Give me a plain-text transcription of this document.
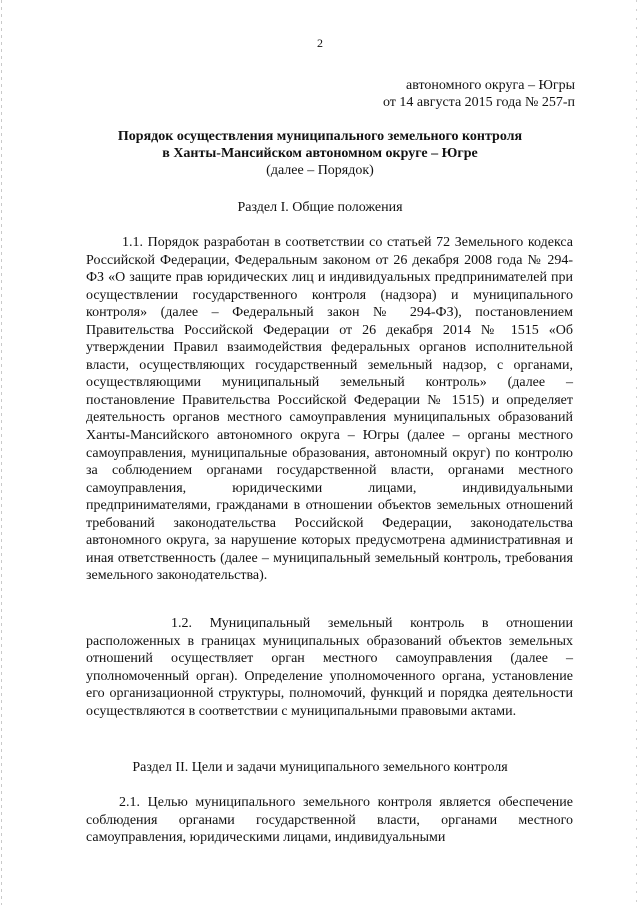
2
автономного округа – Югры
от 14 августа 2015 года № 257-п
Порядок осуществления муниципального земельного контроля
в Ханты-Мансийском автономном округе – Югре
(далее – Порядок)
Раздел I. Общие положения
1.1. Порядок разработан в соответствии со статьей 72 Земельного кодекса Российской Федерации, Федеральным законом от 26 декабря 2008 года № 294-ФЗ «О защите прав юридических лиц и индивидуальных предпринимателей при осуществлении государственного контроля (надзора) и муниципального контроля» (далее – Федеральный закон № 294-ФЗ), постановлением Правительства Российской Федерации от 26 декабря 2014 № 1515 «Об утверждении Правил взаимодействия федеральных органов исполнительной власти, осуществляющих государственный земельный надзор, с органами, осуществляющими муниципальный земельный контроль» (далее – постановление Правительства Российской Федерации № 1515) и определяет деятельность органов местного самоуправления муниципальных образований Ханты-Мансийского автономного округа – Югры (далее – органы местного самоуправления, муниципальные образования, автономный округ) по контролю за соблюдением органами государственной власти, органами местного самоуправления, юридическими лицами, индивидуальными предпринимателями, гражданами в отношении объектов земельных отношений требований законодательства Российской Федерации, законодательства автономного округа, за нарушение которых предусмотрена административная и иная ответственность (далее – муниципальный земельный контроль, требования земельного законодательства).
1.2. Муниципальный земельный контроль в отношении расположенных в границах муниципальных образований объектов земельных отношений осуществляет орган местного самоуправления (далее – уполномоченный орган). Определение уполномоченного органа, установление его организационной структуры, полномочий, функций и порядка деятельности осуществляются в соответствии с муниципальными правовыми актами.
Раздел II. Цели и задачи муниципального земельного контроля
2.1. Целью муниципального земельного контроля является обеспечение соблюдения органами государственной власти, органами местного самоуправления, юридическими лицами, индивидуальными
